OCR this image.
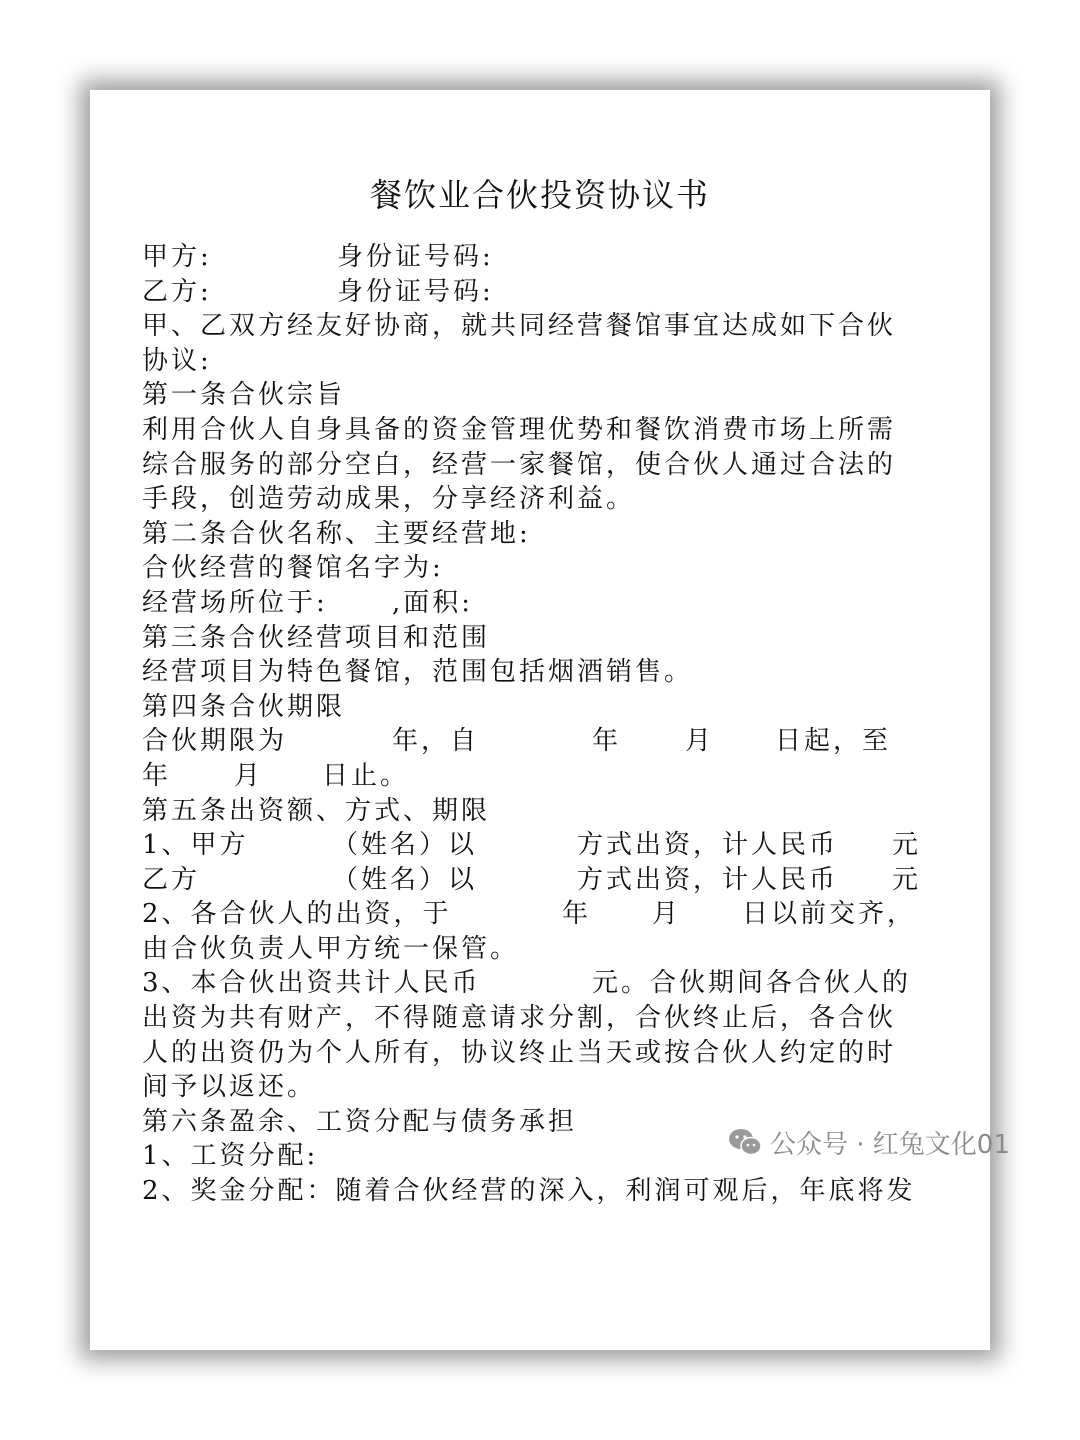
餐饮业合伙投资协议书
甲方:	身份证号码:
乙方:	身份证号码:
甲、乙双方经友好协商，就共同经营餐馆事宜达成如下合伙
协议:
第一条合伙宗旨
利用合伙人自身具备的资金管理优势和餐饮消费市场上所需
综合服务的部分空白，经营一家餐馆，使合伙人通过合法的
手段，创造劳动成果，分享经济利益。
第二条合伙名称、主要经营地:
合伙经营的餐馆名字为:
经营场所位于: ,面积:
第三条合伙经营项目和范围
经营项目为特色餐馆，范围包括烟酒销售。
第四条合伙期限
合伙期限为	年，自	年 月 日起，至
年 月 日止。
第五条出资额、方式、期限
1、甲方	（姓名）以	方式出资，计人民币 元
乙方	（姓名）以	方式出资，计人民币 元
2、各合伙人的出资，于	年 月 日以前交齐，
由合伙负责人甲方统一保管。
3、本合伙出资共计人民币	元。合伙期间各合伙人的
出资为共有财产，不得随意请求分割，合伙终止后，各合伙
人的出资仍为个人所有，协议终止当天或按合伙人约定的时
间予以返还。
第六条盈余、工资分配与债务承担
1、工资分配:
2、奖金分配：随着合伙经营的深入，利润可观后，年底将发
公众号 · 红兔文化01
